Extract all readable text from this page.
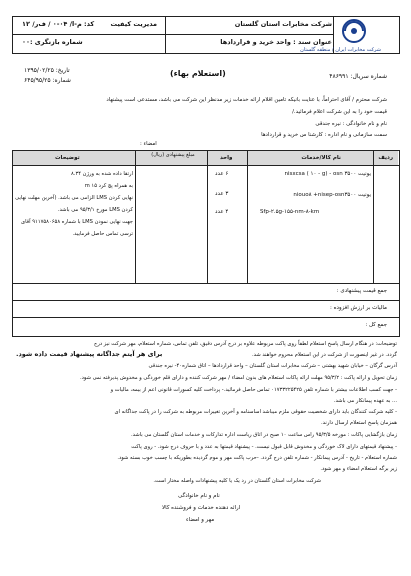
شرکت مخابرات ایران / منطقه گلستان
شرکت مخابرات استان گلستان
مدیریت کیفیت
کد: م-ا/ ۰۴-۰ / ف‌ر/ ۱۲
عنوان سند : واحد خرید و قراردادها
شماره بازنگری :۰۰
(استعلام بهاء)	شماره سریال: ۴۸۶۹۹۱
تاریخ: ۱۳۹۵/۰۲/۲۵
شماره: ۶۴۵/۹۵/۲۵
شرکت محترم / آقای احتراماً، با عنایت بانیکه تامین اقلام ارائه خدمات زیر مدنظر این شرکت می باشد، مستدعی است پیشنهاد
قیمت خود را به این شرکت اعلام فرمائید./
نام و نام خانوادگی : نیره جندقی
سمت سازمانی و نام اداره : کارشنا س خرید و قراردادها
امضاء :
ردیف
نام کالا/خدمات
واحد
مبلغ پیشنهادی (ریال)
توضیحات
یونیت nisxcsa ( ۱۰ - g) - osn ۳۵۰۰
۶ عدد
یونیت niouo۸ +nisep-osn۳۵۰۰
۳ عدد
Sfp-۲.۵g-۱۵۵-nm-۸-km
۴ عدد
ارتقا داده شده به ورژن ۸.۳۴
به همراه پچ کرد ۱۵ m
نهایی کردن LMS الزامی می باشد. (آخرین مهلت نهایی
کردن LMS مورخ ۹۵/۳/۱ می باشد.
جهت نهایی نمودن LMS با شماره ۹۱۱۷۵۸۰۶۵۸ آقای
ترسی تماس حاصل فرمایید.
جمع قیمت پیشنهادی :
مالیات بر ارزش افزوده :
جمع کل :
توضیحات: در هنگام ارسال پاسخ استعلام لطفاً روی پاکت مربوطه علاوه بر درج آدرس دقیق، تلفن تماس، شماره استعلام، مهر شرکت نیز درج
گردد. در غیر اینصورت از شرکت در این استعلام محروم خواهند شد.
برای هر آیتم جداگانه پیشنهاد قیمت داده شود.
آدرس گرگان – خیابان شهید بهشتی – شرکت مخابرات استان گلستان – واحد قراردادها – اتاق شماره۴۰- نیره جندقی
زمان تحویل و ارائه پاکت : ۹۵/۳/۲ مهلت ارائه پاکات استعلام های بدون امضاء / مهر شرکت کننده و دارای قلم خوردگی و مخدوش پذیرفته نمی شود.
- جهت کسب اطلاعات بیشتر با شماره تلفن ۰۱۷۳۳۲۲۵۴۲۵ تماس حاصل فرمائید.- پرداخت کلیه کسورات قانونی اعم از بیمه، مالیات و
... به عهده پیمانکار می باشد.
- کلیه شرکت کنندگان باید دارای شخصیت حقوقی ملزم میباشد اساسنامه و آخرین تغییرات مربوطه به شرکت را در پاکت جداگانه ای
همزمان پاسخ استعلام ارسال دارند.
زمان بازگشایی پاکات : مورخه ۹۵/۳/۵ راس ساعت ۱۰ صبح در اتاق ریاست اداره تدارکات و خدمات استان گلستان می باشد.
- پیشنهاد قیمتهای دارای لاک خوردگی و مخدوش قابل قبول نیست. - پیشنهاد قیمتها به عدد و با حروف درج شود. - روی پاکت
شماره استعلام - تاریخ - آدرس پیمانکار - شماره تلفن درج گردد. -حرب پاکت مهر و موم گردیده بطوریکه با چسب خوب بسته شود.
زیر برگه استعلام امضاء و مهر شود.
شرکت مخابرات استان گلستان در رد یک یا کلیه پیشنهادات واصله مختار است.
نام و نام خانوادگی
ارائه دهنده خدمات و فروشنده کالا
مهر و امضاء
